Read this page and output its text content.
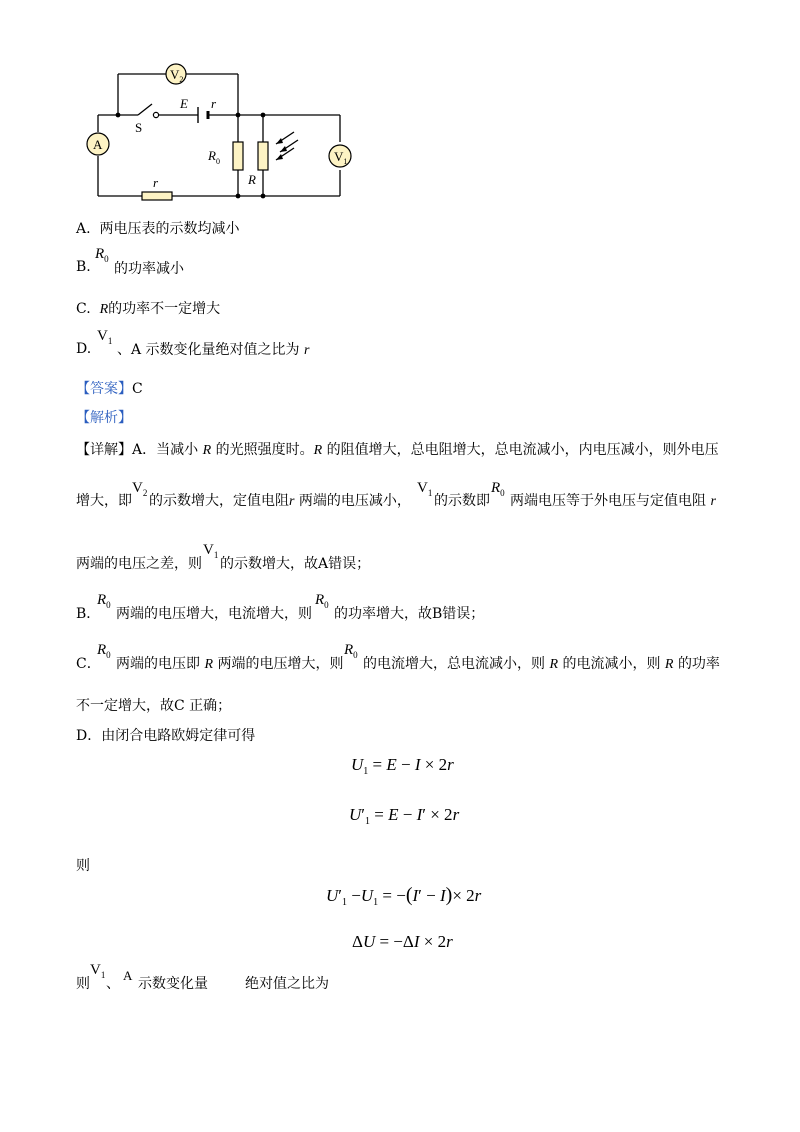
$V_2$
A
$V_1$
S
E r
$R_0$
R
r
A. 两电压表的示数均减小
B.
$R_0$
的功率减小
C. R的功率不一定增大
D.
$V_1$
、A 示数变化量绝对值之比为 r
【答案】C
【解析】
【详解】A．当减小 R 的光照强度时。R 的阻值增大，总电阻增大，总电流减小，内电压减小，则外电压
增大，即
$V_2$ 的示数增大，定值电阻r 两端的电压减小，
$V_1$ 的示数即
$R_0$ 两端电压等于外电压与定值电阻 r
两端的电压之差，则
$V_1$
的示数增大，故A错误；
B．
$R_0$
两端的电压增大，电流增大，则
$R_0$
的功率增大，故B错误；
C．
$R_0$
两端的电压即 R 两端的电压增大，则
$R_0$
的电流增大，总电流减小，则 R 的电流减小，则 R 的功率
不一定增大，故C 正确；
D．由闭合电路欧姆定律可得
$U_1 = E - I \times 2r$
$U'_1 = E - I' \times 2r$
则
$U'_1 -U_1 = -(I' - I)\times 2r$
ΔU = −ΔI × 2r
则
$V_1$
、
A
示数变化量	绝对值之比为
